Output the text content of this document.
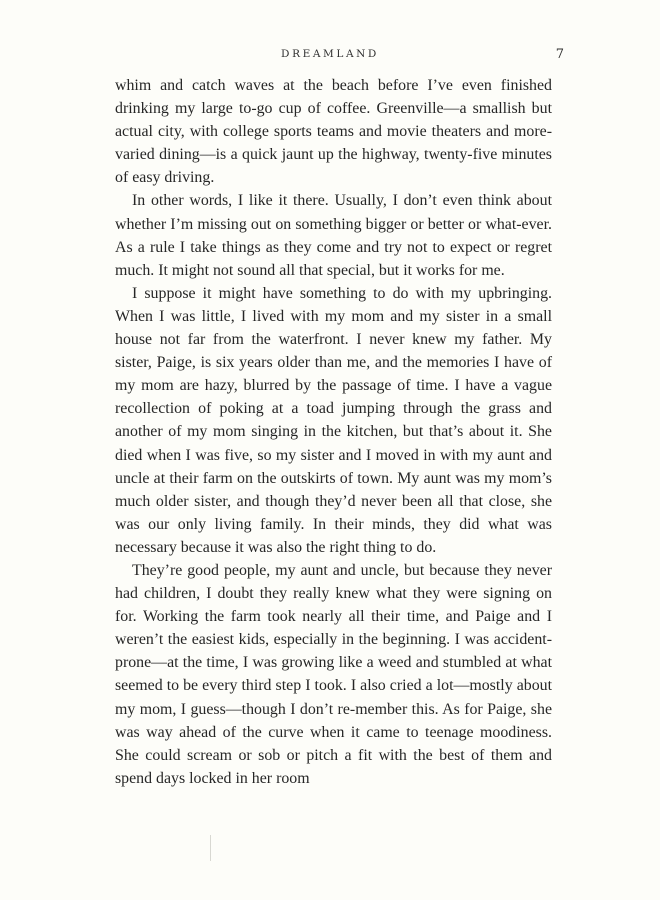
DREAMLAND	7

whim and catch waves at the beach before I’ve even finished drinking my large to-go cup of coffee. Greenville—a smallish but actual city, with college sports teams and movie theaters and more-varied dining—is a quick jaunt up the highway, twenty-five minutes of easy driving.

In other words, I like it there. Usually, I don’t even think about whether I’m missing out on something bigger or better or what-ever. As a rule I take things as they come and try not to expect or regret much. It might not sound all that special, but it works for me.

I suppose it might have something to do with my upbringing. When I was little, I lived with my mom and my sister in a small house not far from the waterfront. I never knew my father. My sister, Paige, is six years older than me, and the memories I have of my mom are hazy, blurred by the passage of time. I have a vague recollection of poking at a toad jumping through the grass and another of my mom singing in the kitchen, but that’s about it. She died when I was five, so my sister and I moved in with my aunt and uncle at their farm on the outskirts of town. My aunt was my mom’s much older sister, and though they’d never been all that close, she was our only living family. In their minds, they did what was necessary because it was also the right thing to do.

They’re good people, my aunt and uncle, but because they never had children, I doubt they really knew what they were signing on for. Working the farm took nearly all their time, and Paige and I weren’t the easiest kids, especially in the beginning. I was accident-prone—at the time, I was growing like a weed and stumbled at what seemed to be every third step I took. I also cried a lot—mostly about my mom, I guess—though I don’t re-member this. As for Paige, she was way ahead of the curve when it came to teenage moodiness. She could scream or sob or pitch a fit with the best of them and spend days locked in her room
